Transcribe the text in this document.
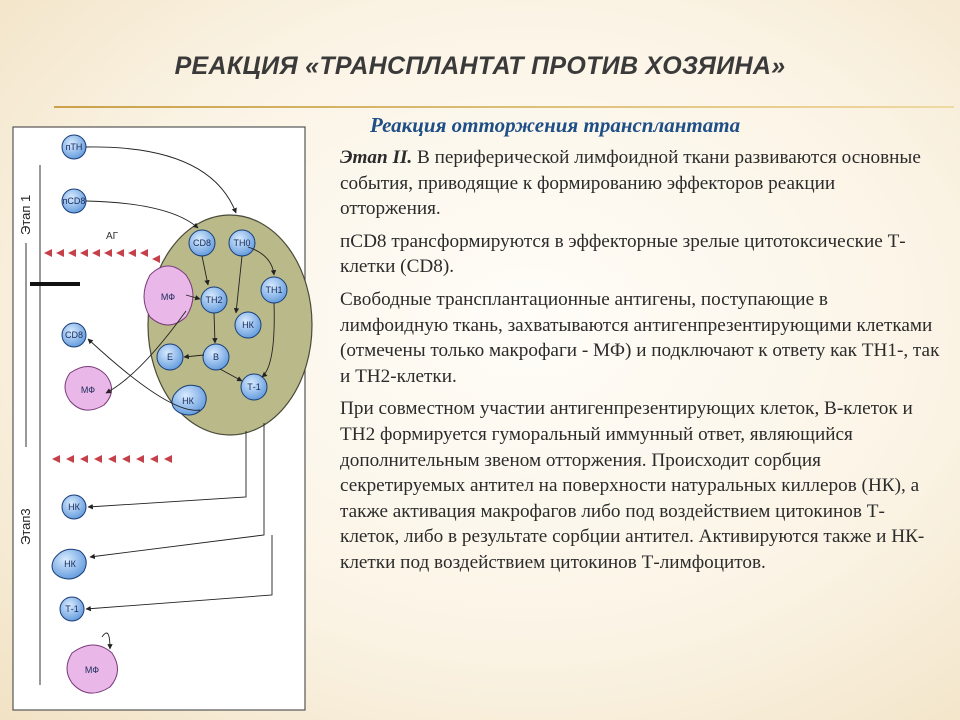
РЕАКЦИЯ «ТРАНСПЛАНТАТ ПРОТИВ ХОЗЯИНА»
Реакция отторжения трансплантата

Этап II. В периферической лимфоидной ткани развиваются основные события, приводящие к формированию эффекторов реакции отторжения.

пCD8 трансформируются в эффекторные зрелые цитотоксические Т-клетки (CD8).

Свободные трансплантационные антигены, поступающие в лимфоидную ткань, захватываются антигенпрезентирующими клетками (отмечены только макрофаги - МФ) и подключают к ответу как ТН1-, так и ТН2-клетки.

При совместном участии антигенпрезентирующих клеток, В-клеток и ТН2 формируется гуморальный иммунный ответ, являющийся дополнительным звеном отторжения. Происходит сорбция секретируемых антител на поверхности натуральных киллеров (НК), а также активация макрофагов либо под воздействием цитокинов Т-клеток, либо в результате сорбции антител. Активируются также и НК-клетки под воздействием цитокинов Т-лимфоцитов.

Этап 1
Этап3
АГ
пТН
пCD8
CD8
МФ
НК
НК
Т-1
МФ
МФ
CD8 ТН0
ТН2
ТН1
НК
В
Е
НК
Т-1
